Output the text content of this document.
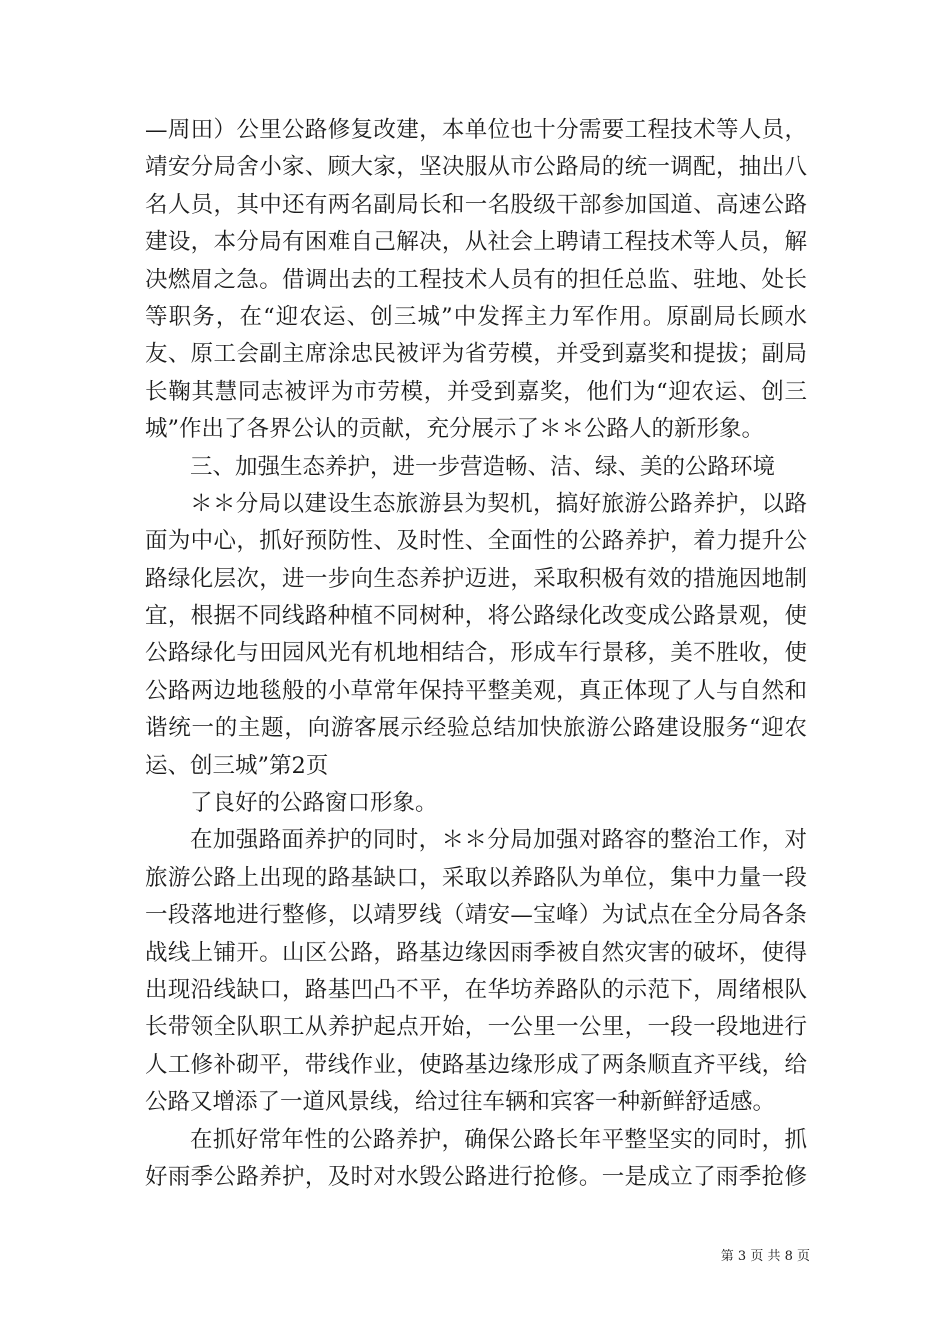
—周田）公里公路修复改建，本单位也十分需要工程技术等人员，
靖安分局舍小家、顾大家，坚决服从市公路局的统一调配，抽出八
名人员，其中还有两名副局长和一名股级干部参加国道、高速公路
建设，本分局有困难自己解决，从社会上聘请工程技术等人员，解
决燃眉之急。借调出去的工程技术人员有的担任总监、驻地、处长
等职务，在“迎农运、创三城”中发挥主力军作用。原副局长顾水
友、原工会副主席涂忠民被评为省劳模，并受到嘉奖和提拔；副局
长鞠其慧同志被评为市劳模，并受到嘉奖，他们为“迎农运、创三
城”作出了各界公认的贡献，充分展示了＊＊公路人的新形象。
三、加强生态养护，进一步营造畅、洁、绿、美的公路环境
＊＊分局以建设生态旅游县为契机，搞好旅游公路养护，以路
面为中心，抓好预防性、及时性、全面性的公路养护，着力提升公
路绿化层次，进一步向生态养护迈进，采取积极有效的措施因地制
宜，根据不同线路种植不同树种，将公路绿化改变成公路景观，使
公路绿化与田园风光有机地相结合，形成车行景移，美不胜收，使
公路两边地毯般的小草常年保持平整美观，真正体现了人与自然和
谐统一的主题，向游客展示经验总结加快旅游公路建设服务“迎农
运、创三城”第2页
了良好的公路窗口形象。
在加强路面养护的同时，＊＊分局加强对路容的整治工作，对
旅游公路上出现的路基缺口，采取以养路队为单位，集中力量一段
一段落地进行整修，以靖罗线（靖安—宝峰）为试点在全分局各条
战线上铺开。山区公路，路基边缘因雨季被自然灾害的破坏，使得
出现沿线缺口，路基凹凸不平，在华坊养路队的示范下，周绪根队
长带领全队职工从养护起点开始，一公里一公里，一段一段地进行
人工修补砌平，带线作业，使路基边缘形成了两条顺直齐平线，给
公路又增添了一道风景线，给过往车辆和宾客一种新鲜舒适感。
在抓好常年性的公路养护，确保公路长年平整坚实的同时，抓
好雨季公路养护，及时对水毁公路进行抢修。一是成立了雨季抢修
第 3 页 共 8 页
